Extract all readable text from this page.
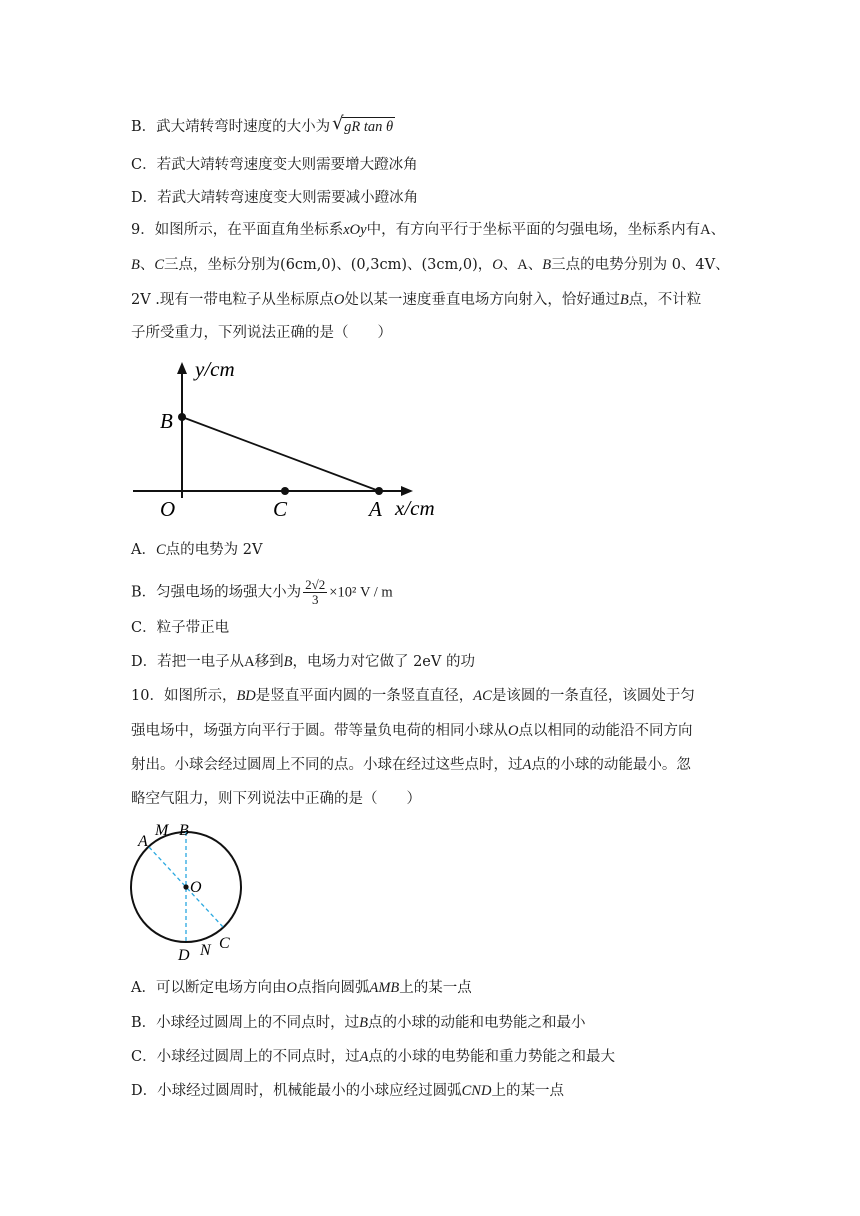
B．武大靖转弯时速度的大小为 √ gR tan θ
C．若武大靖转弯速度变大则需要增大蹬冰角
D．若武大靖转弯速度变大则需要减小蹬冰角
9．如图所示，在平面直角坐标系xOy中，有方向平行于坐标平面的匀强电场，坐标系内有A、
B、C三点，坐标分别为(6cm,0)、(0,3cm)、(3cm,0)，O、A、B三点的电势分别为 0、4V、
2V .现有一带电粒子从坐标原点O处以某一速度垂直电场方向射入，恰好通过B点，不计粒
子所受重力，下列说法正确的是（　　）
y/cm
x/cm
B
O	C	A
A．C点的电势为 2V
B．匀强电场的场强大小为 $\frac{2√2}{3} \times 10^2$ V / m
C．粒子带正电
D．若把一电子从A移到B，电场力对它做了 2eV 的功
10．如图所示，BD是竖直平面内圆的一条竖直直径，AC是该圆的一条直径，该圆处于匀
强电场中，场强方向平行于圆。带等量负电荷的相同小球从O点以相同的动能沿不同方向
射出。小球会经过圆周上不同的点。小球在经过这些点时，过A点的小球的动能最小。忽
略空气阻力，则下列说法中正确的是（　　）
A
M B
O
D N C
A．可以断定电场方向由O点指向圆弧AMB上的某一点
B．小球经过圆周上的不同点时，过B点的小球的动能和电势能之和最小
C．小球经过圆周上的不同点时，过A点的小球的电势能和重力势能之和最大
D．小球经过圆周时，机械能最小的小球应经过圆弧CND上的某一点
